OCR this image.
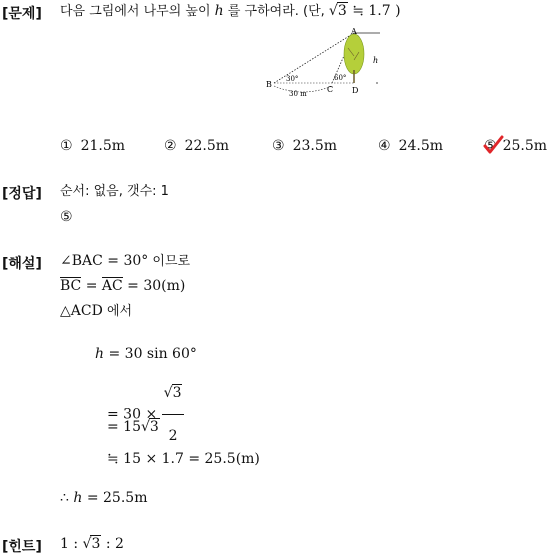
[문제] 다음 그림에서 나무의 높이 h 를 구하여라. (단, √3 ≒ 1.7 )
A
B
C D
30°	60°
30 m
h
① 21.5m	② 22.5m	③ 23.5m	④ 24.5m	⑤ 25.5m
[정답] 순서: 없음, 갯수: 1
⑤
[해설] ∠BAC = 30° 이므로
BC = AC = 30(m)
△ACD 에서
h = 30 sin 60°
= $30 \times \frac{√3}{2}$
= 15√3
≒ 15 × 1.7 = 25.5(m)
∴ h = 25.5m
[힌트] 1 : √3 : 2
